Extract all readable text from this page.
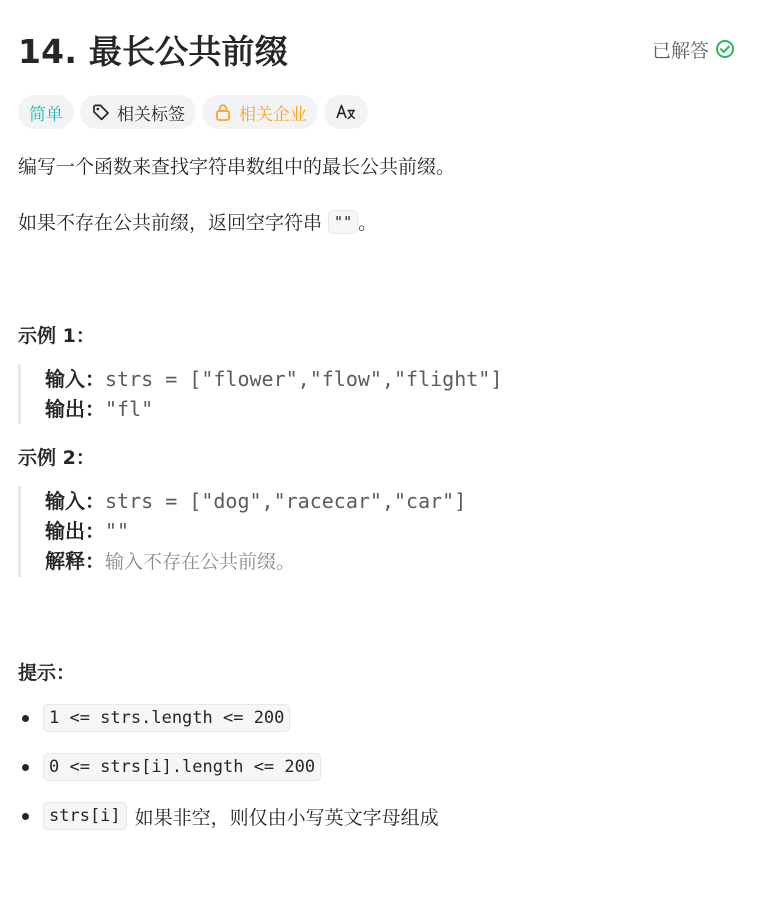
14. 最长公共前缀	已解答
简单	相关标签	相关企业

编写一个函数来查找字符串数组中的最长公共前缀。

如果不存在公共前缀，返回空字符串 "" 。

示例 1：
输入：strs = ["flower","flow","flight"]
输出："fl"
示例 2：
输入：strs = ["dog","racecar","car"]
输出：""
解释：输入不存在公共前缀。
提示：
1 <= strs.length <= 200
0 <= strs[i].length <= 200
strs[i] 如果非空，则仅由小写英文字母组成
